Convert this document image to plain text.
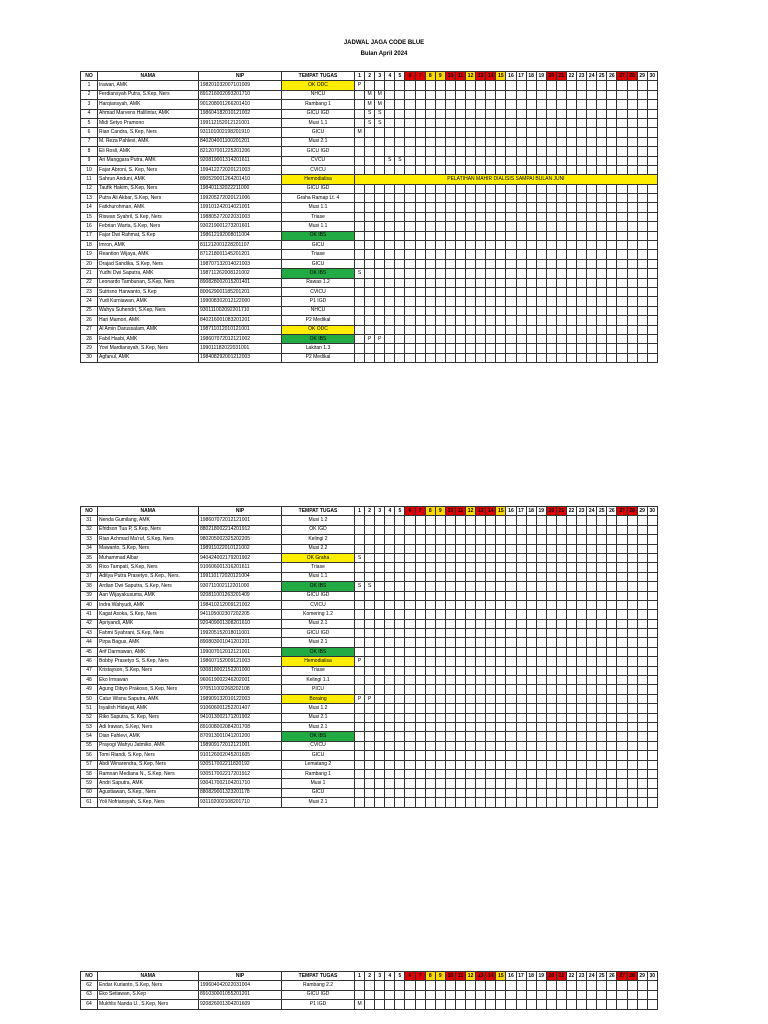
JADWAL JAGA CODE BLUE
Bulan April 2024
NO	NAMA	NIP	TEMPAT TUGAS	1	2	3	4	5	6	7	8	9	10	11	12	13	14	15	16	17	18	19	20	21	22	23	24	25	26	27	28	29	30
1	Irawan, AMK	198201032007101009	OK ODC	P																													
2	Ferdiansyah Putra, S.Kep, Ners	891216002093201710	NHCU		M	M																											
3	Harqiansyah, AMK	901208001266201410	Rambang 1		M	M																											
4	Ahmad Marvens Halilintar, AMK	198604182010121002	GICU IGD		S	S																											
5	Midi Setyo Pramono	199112152012121001	Musi 1.1		S	S																											
6	Rian Candra, S.Kep, Ners	931101002198201910	GICU	M																													
7	M. Reza Pahlevi, AMK	840204001100201201	Musi 2.1																														
8	Eli Rosli, AMK	821207001225201206	GICU IGD																														
9	Ari Manggara Putra, AMK	920819001314201611	CVCU				S	S																									
10	Fajar Abroni, S. Kep, Ners	199412272020121003	CVICU																														
11	Sahrun Anduni, AMK	890529001264201410	Hemodialisa	PELATIHAN MAHIR DIALISIS SAMPAI BULAN JUNI																													
12	Taufik Hakim, S.Kep, Ners	198401132022211000	GICU IGD																														
13	Putra Ali Akbar, S.Kep, Ners	199205272020121006	Graha Ramap Lt. 4																														
14	Fatkhurohman, AMK	199101242014021001	Musi 1.1																														
15	Riswan Syahril, S.Kep, Ners	198805272022031003	Triase																														
16	Febrian Warta, S.Kep, Ners	930219001273201601	Musi 1.1																														
17	Fajar Dwi Rahmat, S.Kep	198612192008011004	OK IBS																														
18	Imron, AMK	811212001228201107	GICU																														
19	Reantion Wijaya, AMK	871218001145201201	Triase																														
20	Drajad Sandika, S.Kep, Ners	198707132014021003	GICU																														
21	Yudhi Dwi Saputra, AMK	198711262008121002	OK IBS	S																													
22	Leonardo Tambunan, S.Kep, Ners	890828002015201401	Rawas 1.2																														
23	Sutrisno Harwanto, S.Kep	800629001185201201	CVICU																														
24	Yudi Kurniawan, AMK	199008302012122000	P1 IGD																														
25	Wahyu Suhendri, S.Kep, Ners	930111002092201710	NHCU																														
26	Hari Mamori, AMK	840216001083201201	P2 Medikal																														
27	Al Amin Darussalam, AMK	198711012010121001	OK ODC																														
28	Fabil Hasbi, AMK	198607072012121002	OK IBS		P	P																											
29	Yovi Mardiansyah, S.Kep, Ners	199011182022031001	Lakitan 1.3																														
30	Agfanul, AMK	198408292001212003	P2 Medikal																														
NO	NAMA	NIP	TEMPAT TUGAS	1	2	3	4	5	6	7	8	9	10	11	12	13	14	15	16	17	18	19	20	21	22	23	24	25	26	27	28	29	30
31	Nenda Gumilang, AMK	198607072012121001	Musi 1.2																														
32	Efridson Tua P, S.Kep, Ners	880218002214201912	OK IGD																														
33	Rian Achmad Ma'ruf, S.Kep, Ners	980205002325202205	Kelingi 2																														
34	Mawanto, S.Kep, Ners	198911022010121002	Musi 2.2																														
35	Muhammad Albar	940424002179201902	OK Graha	S																													
36	Rico Tampati, S.Kep, Ners	910606001316201611	Triase																														
37	Aditya Putra Prasetyo, S.Kep., Ners.	199110172020121004	Musi 1.1																														
38	Ardian Dwi Saputra, S.Kep, Ners	930711002112201000	OK IBS	S	S																												
39	Aan Wijayakusuma, AMK	920811001263201409	GICU IGD																														
40	Indra Wahyudi, AMK	198410212009121002	CVICU																														
41	Kagat Asoka, S.Kep, Ners	941105002307202205	Komering 1.2																														
42	Apriyandi, AMK	920409001308201610	Musi 2.1																														
43	Fahmi Syahrani, S.Kep, Ners	199205152018011001	GICU IGD																														
44	Pirpa Bagus, AMK	890803001041201201	Musi 2.1																														
45	Arif Darmawan, AMK	199007012012121001	OK IBS																														
46	Bobby Prasetyo S, S.Kep, Ners	198607152009121003	Hemodialisa	P																													
47	Kristayson, S.Kep, Ners	930818002152201000	Triase																														
48	Eko Irmawan	960619002246202001	Kelingi 1.1																														
49	Agung Dibyo Prakoso, S.Kep, Ners	970511002268202108	PICU																														
50	Catur Wisnu Saputra, AMK	198909132010122003	Boraing	P	P																												
51	Isyalish Hidayat, AMK	910606001252201407	Musi 1.2																														
52	Riko Saputra, S. Kep, Ners	941013002171201902	Musi 2.1																														
53	Adi Irawan, S.Kep, Ners	891008002084201708	Musi 2.1																														
54	Dian Fahlevi, AMK	870913001041201200	OK IBS																														
55	Prayogi Wahyu Jatmiko, AMK	198909172012121001	CVICU																														
56	Tomi Riandi, S.Kep, Ners	910126002045201605	GICU																														
57	Abdi Winarendra, S.Kep, Ners	930517002211820192	Lematang 2																														
58	Ramnan Mediana N., S.Kep, Ners	930517002217201912	Rambang 1																														
59	Andri Saputra, AMK	930417002104201710	Musi 1																														
60	Agustiawan, S.Kep., Ners	880829001323201178	GICU																														
61	Yoli Nofriansyah, S.Kep, Ners	931102002108201710	Musi 2.1																														
NO	NAMA	NIP	TEMPAT TUGAS	1	2	3	4	5	6	7	8	9	10	11	12	13	14	15	16	17	18	19	20	21	22	23	24	25	26	27	28	29	30
62	Endar Kurianto, S.Kep, Ners	199604042022031004	Rambang 2.2																														
63	Eko Setiawan, S.Kep	891030001055201201	GICU IGD																														
64	Mukhlis Nanda U., S.Kep, Ners	920826001304201609	P1 IGD	M																													
